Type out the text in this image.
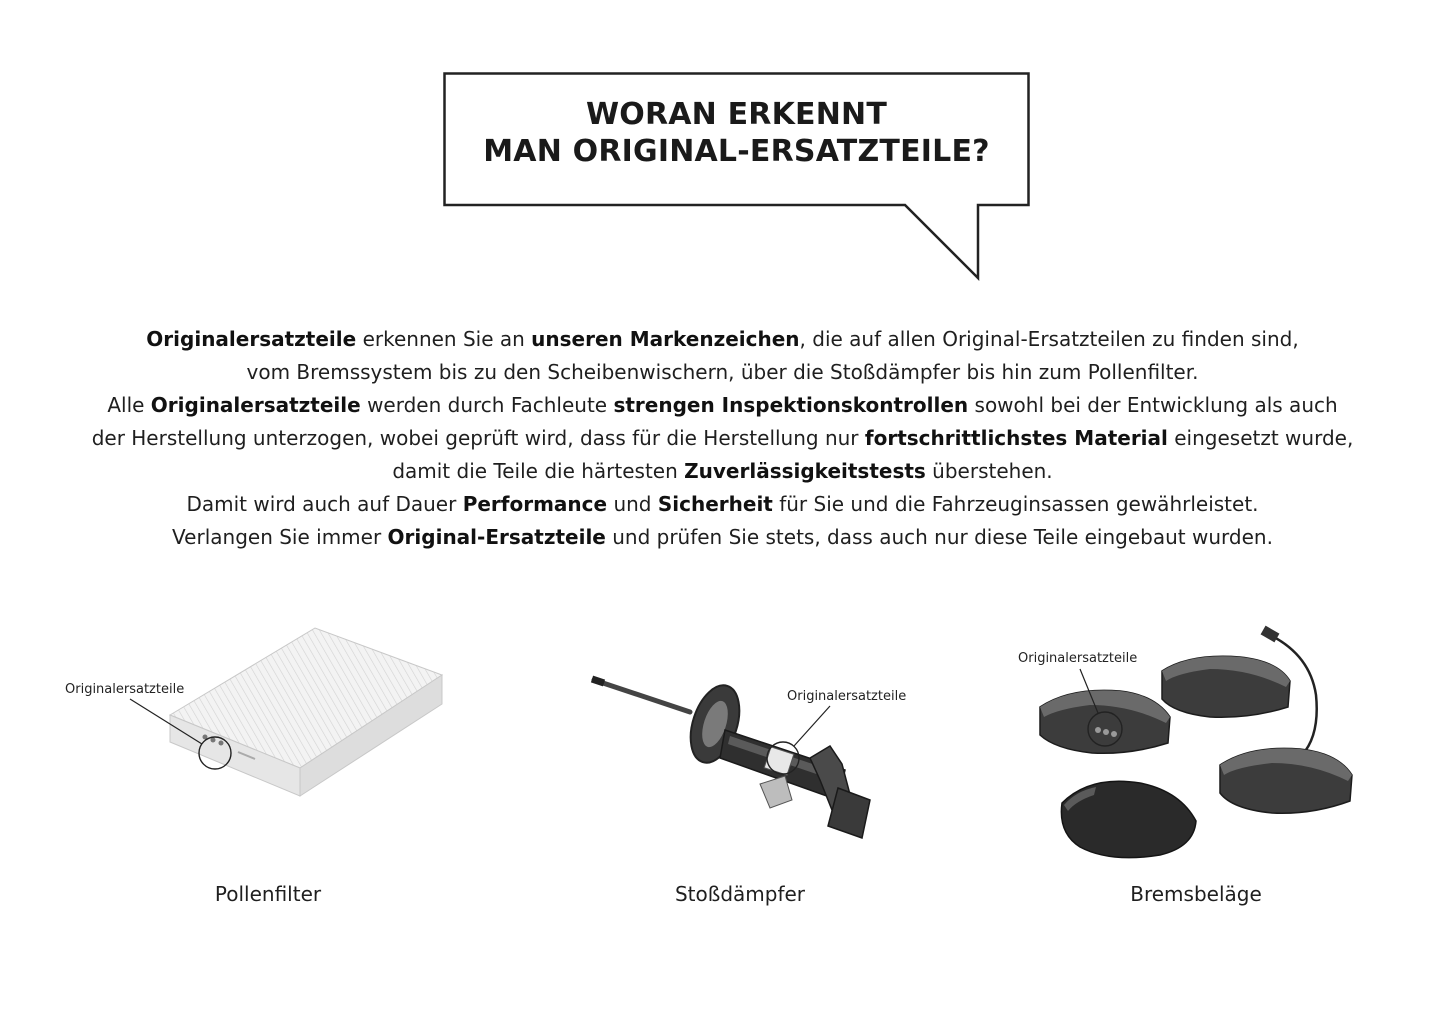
WORAN ERKENNT
MAN ORIGINAL-ERSATZTEILE?

Originalersatzteile erkennen Sie an unseren Markenzeichen, die auf allen Original-Ersatzteilen zu finden sind,

vom Bremssystem bis zu den Scheibenwischern, über die Stoßdämpfer bis hin zum Pollenfilter.

Alle Originalersatzteile werden durch Fachleute strengen Inspektionskontrollen sowohl bei der Entwicklung als auch

der Herstellung unterzogen, wobei geprüft wird, dass für die Herstellung nur fortschrittlichstes Material eingesetzt wurde,

damit die Teile die härtesten Zuverlässigkeitstests überstehen.

Damit wird auch auf Dauer Performance und Sicherheit für Sie und die Fahrzeuginsassen gewährleistet.

Verlangen Sie immer Original-Ersatzteile und prüfen Sie stets, dass auch nur diese Teile eingebaut wurden.

Originalersatzteile
Pollenfilter
Originalersatzteile
Stoßdämpfer
Originalersatzteile
Bremsbeläge
